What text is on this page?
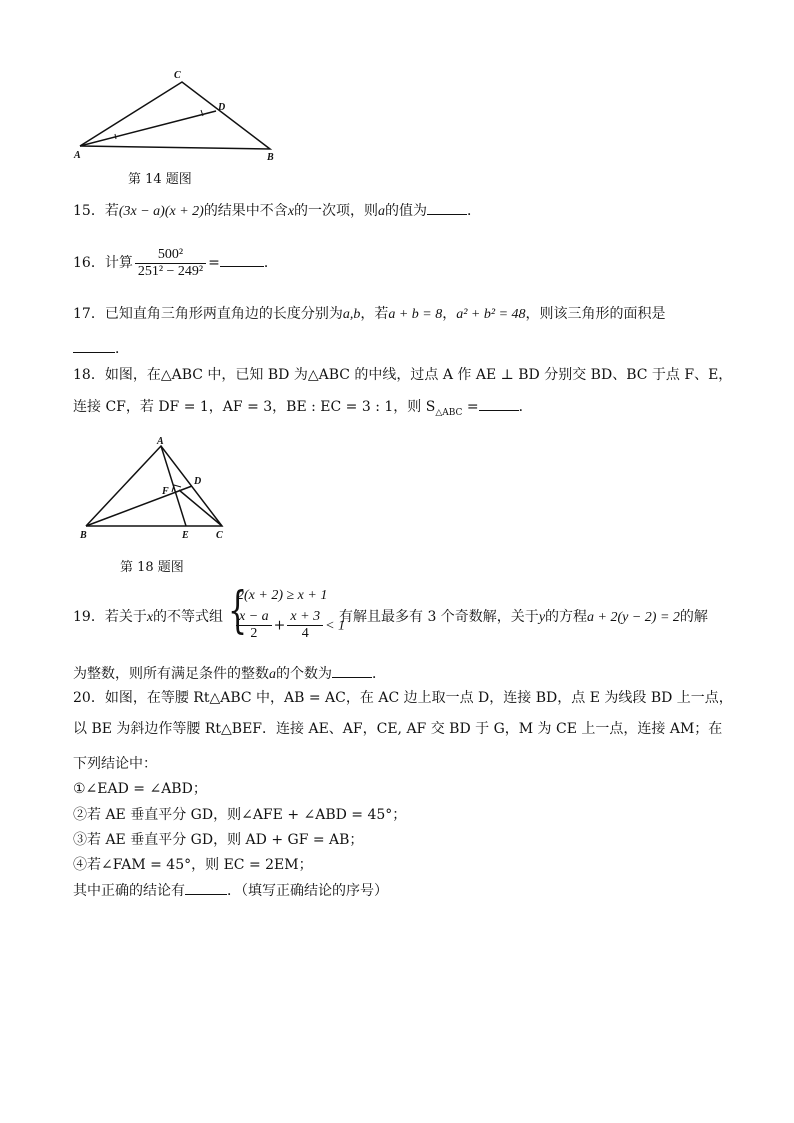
C
D
A	B
第 14 题图
15．若(3x − a)(x + 2)的结果中不含x的一次项，则a的值为	．
16．计算 $\frac{\text{500²}}{\text{251² − 249²}}$ =	．
17．已知直角三角形两直角边的长度分别为a,b，若a + b = 8，a² + b² = 48，则该三角形的面积是
．
18．如图，在△ABC 中，已知 BD 为△ABC 的中线，过点 A 作 AE ⊥ BD 分别交 BD、BC 于点 F、E，
连接 CF，若 DF = 1，AF = 3，BE : EC = 3 : 1，则 $S_{\triangle ABC}$ =	．
A
D
F
B	E	C
第 18 题图
19．若关于x的不等式组 {
2(x + 2) ≥ x + 1
$\frac{x - a}{2} + \frac{x + 3}{4} < 1$
有解且最多有 3 个奇数解，关于y的方程a + 2(y − 2) = 2的解
为整数，则所有满足条件的整数a的个数为	．
20．如图，在等腰 Rt△ABC 中，AB = AC，在 AC 边上取一点 D，连接 BD，点 E 为线段 BD 上一点，
以 BE 为斜边作等腰 Rt△BEF．连接 AE、AF，CE, AF 交 BD 于 G，M 为 CE 上一点，连接 AM；在
下列结论中：
①∠EAD = ∠ABD；
②若 AE 垂直平分 GD，则∠AFE + ∠ABD = 45°；
③若 AE 垂直平分 GD，则 AD + GF = AB；
④若∠FAM = 45°，则 EC = 2EM；
其中正确的结论有	．（填写正确结论的序号）
